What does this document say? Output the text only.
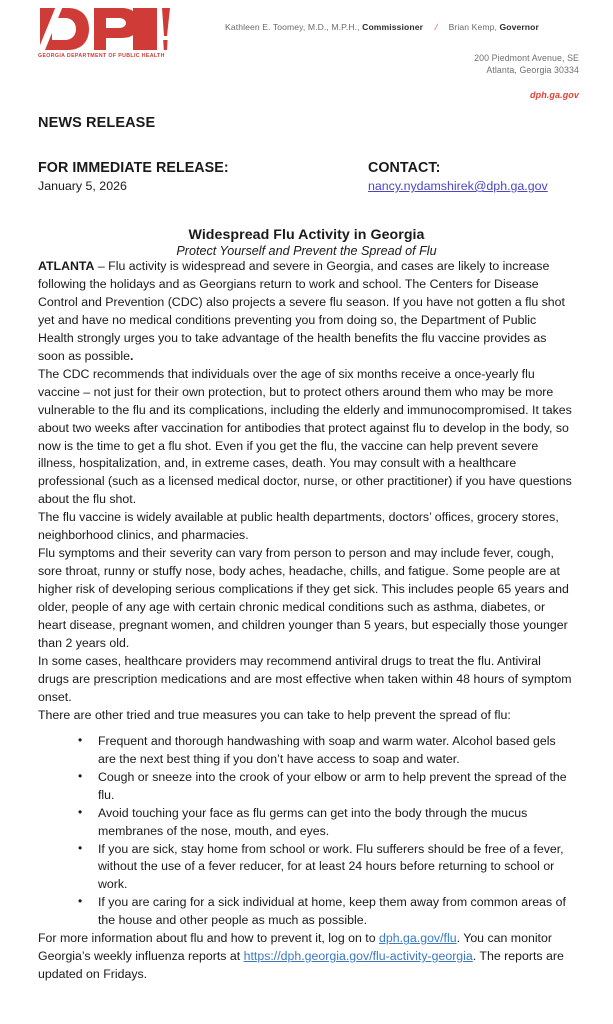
GEORGIA DEPARTMENT OF PUBLIC HEALTH
Kathleen E. Toomey, M.D., M.P.H., Commissioner / Brian Kemp, Governor
200 Piedmont Avenue, SE
Atlanta, Georgia 30334
dph.ga.gov
NEWS RELEASE
FOR IMMEDIATE RELEASE:
January 5, 2026
CONTACT:
nancy.nydamshirek@dph.ga.gov
Widespread Flu Activity in Georgia
Protect Yourself and Prevent the Spread of Flu

ATLANTA – Flu activity is widespread and severe in Georgia, and cases are likely to increase following the holidays and as Georgians return to work and school. The Centers for Disease Control and Prevention (CDC) also projects a severe flu season. If you have not gotten a flu shot yet and have no medical conditions preventing you from doing so, the Department of Public Health strongly urges you to take advantage of the health benefits the flu vaccine provides as soon as possible.

The CDC recommends that individuals over the age of six months receive a once-yearly flu vaccine – not just for their own protection, but to protect others around them who may be more vulnerable to the flu and its complications, including the elderly and immunocompromised. It takes about two weeks after vaccination for antibodies that protect against flu to develop in the body, so now is the time to get a flu shot. Even if you get the flu, the vaccine can help prevent severe illness, hospitalization, and, in extreme cases, death. You may consult with a healthcare professional (such as a licensed medical doctor, nurse, or other practitioner) if you have questions about the flu shot.

The flu vaccine is widely available at public health departments, doctors’ offices, grocery stores, neighborhood clinics, and pharmacies.

Flu symptoms and their severity can vary from person to person and may include fever, cough, sore throat, runny or stuffy nose, body aches, headache, chills, and fatigue. Some people are at higher risk of developing serious complications if they get sick. This includes people 65 years and older, people of any age with certain chronic medical conditions such as asthma, diabetes, or heart disease, pregnant women, and children younger than 5 years, but especially those younger than 2 years old.

In some cases, healthcare providers may recommend antiviral drugs to treat the flu. Antiviral drugs are prescription medications and are most effective when taken within 48 hours of symptom onset.

There are other tried and true measures you can take to help prevent the spread of flu:

• Frequent and thorough handwashing with soap and warm water. Alcohol based gels are the next best thing if you don’t have access to soap and water.
• Cough or sneeze into the crook of your elbow or arm to help prevent the spread of the flu.
• Avoid touching your face as flu germs can get into the body through the mucus membranes of the nose, mouth, and eyes.
• If you are sick, stay home from school or work. Flu sufferers should be free of a fever, without the use of a fever reducer, for at least 24 hours before returning to school or work.
• If you are caring for a sick individual at home, keep them away from common areas of the house and other people as much as possible.

For more information about flu and how to prevent it, log on to dph.ga.gov/flu. You can monitor Georgia’s weekly influenza reports at https://dph.georgia.gov/flu-activity-georgia. The reports are updated on Fridays.
